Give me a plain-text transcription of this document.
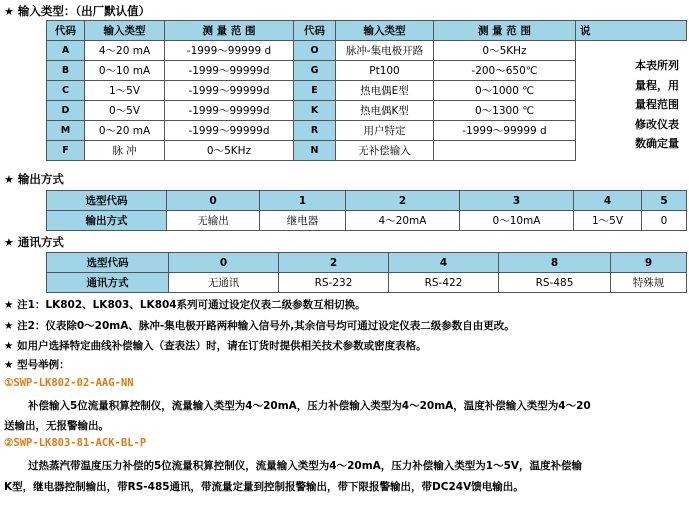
★ 输入类型：（出厂默认值）
代码	输入类型	测 量 范 围	代码	输入类型	测 量 范 围	说
A	4～20 mA	-1999～99999 d	O	脉冲-集电极开路	0～5KHz	
B	0～10 mA	-1999～99999d	G	Pt100	-200～650℃	
C	1～5V	-1999～99999d	E	热电偶E型	0～1000 ℃	
D	0～5V	-1999～99999d	K	热电偶K型	0～1300 ℃	
M	0～20 mA	-1999～99999d	R	用户特定	-1999～99999 d	
F	脉 冲	0～5KHz	N	无补偿输入		
本表所列
量程，用
量程范围
修改仪表
数确定量
★ 输出方式
选型代码	0	1	2	3	4	5
输出方式	无输出	继电器	4～20mA	0～10mA	1～5V	0
★ 通讯方式
选型代码	0	2	4	8	9
通讯方式	无通讯	RS-232	RS-422	RS-485	特殊规
★ 注1：LK802、LK803、LK804系列可通过设定仪表二级参数互相切换。
★ 注2：仪表除0～20mA、脉冲-集电极开路两种输入信号外,其余信号均可通过设定仪表二级参数自由更改。
★ 如用户选择特定曲线补偿输入（查表法）时，请在订货时提供相关技术参数或密度表格。
★ 型号举例：
①SWP-LK802-02-AAG-NN
补偿输入5位流量积算控制仪，流量输入类型为4～20mA，压力补偿输入类型为4～20mA，温度补偿输入类型为4～20
送输出，无报警输出。
②SWP-LK803-81-ACK-BL-P
过热蒸汽带温度压力补偿的5位流量积算控制仪，流量输入类型为4～20mA，压力补偿输入类型为1～5V，温度补偿输
K型，继电器控制输出，带RS-485通讯，带流量定量到控制报警输出，带下限报警输出，带DC24V馈电输出。
